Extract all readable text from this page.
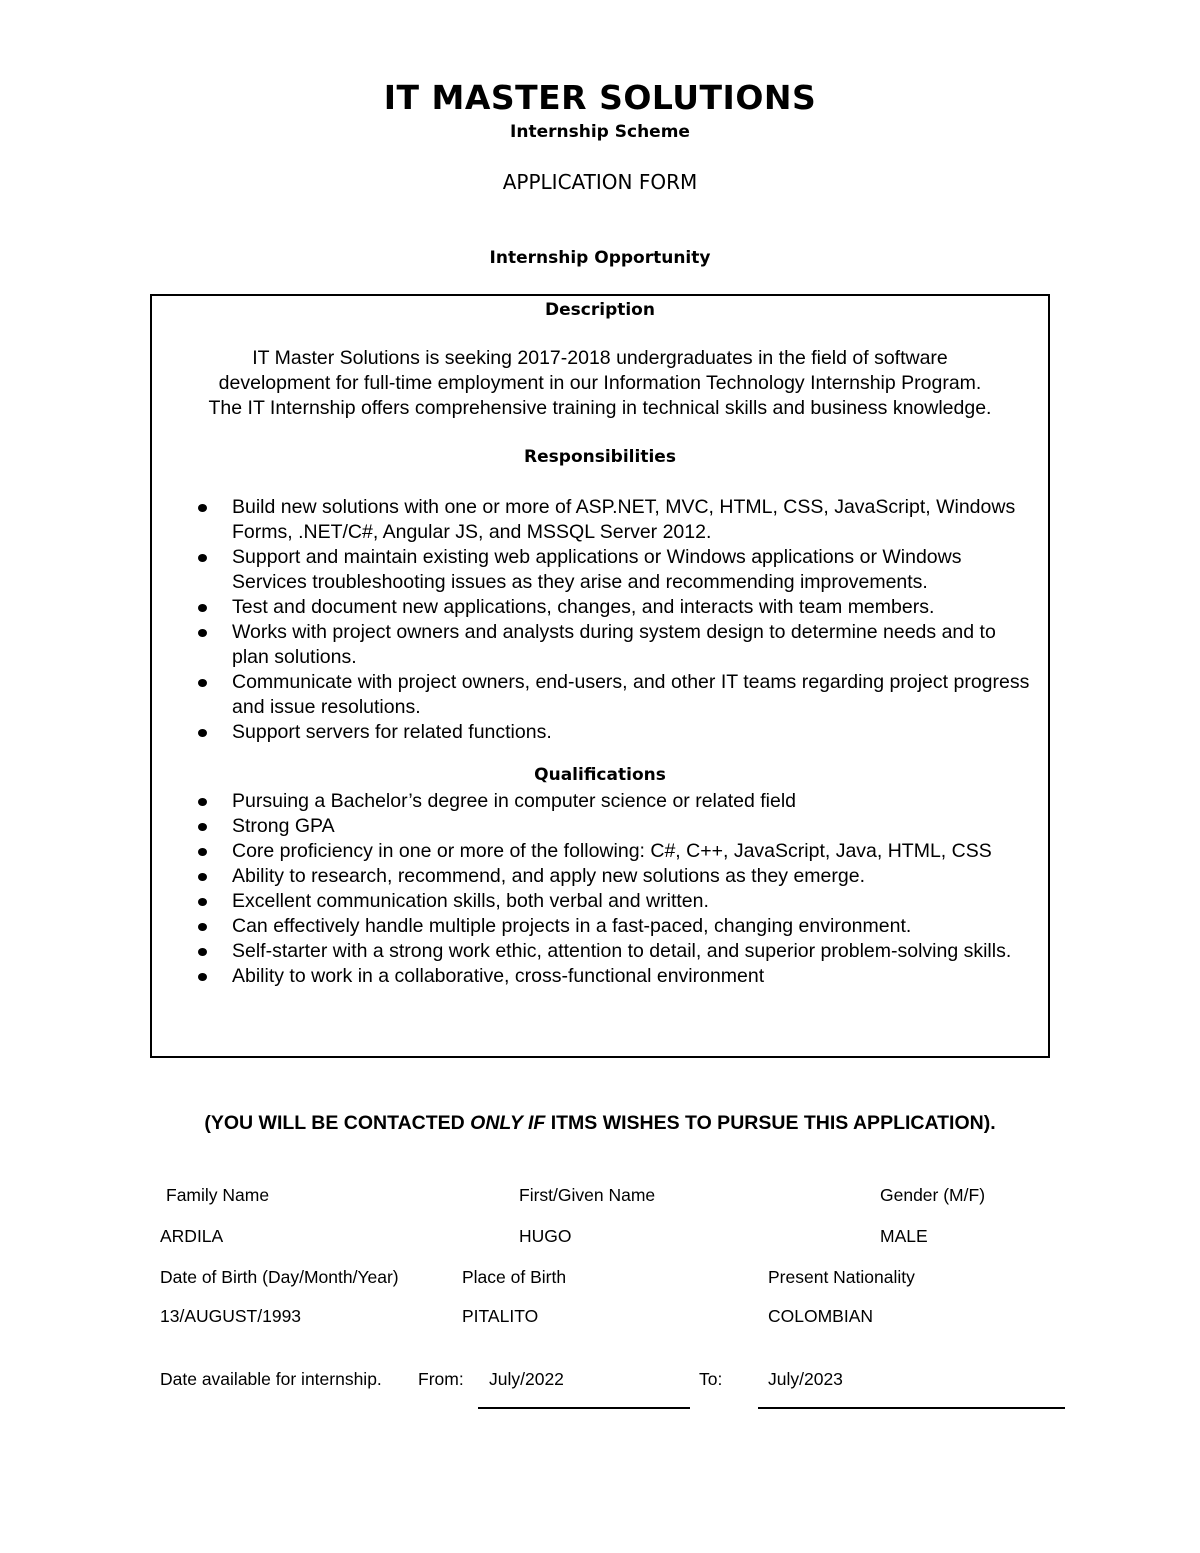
IT MASTER SOLUTIONS
Internship Scheme
APPLICATION FORM
Internship Opportunity
Description
IT Master Solutions is seeking 2017-2018 undergraduates in the field of software
development for full-time employment in our Information Technology Internship Program.
The IT Internship offers comprehensive training in technical skills and business knowledge.
Responsibilities
Build new solutions with one or more of ASP.NET, MVC, HTML, CSS, JavaScript, Windows Forms, .NET/C#, Angular JS, and MSSQL Server 2012.
Support and maintain existing web applications or Windows applications or Windows Services troubleshooting issues as they arise and recommending improvements.
Test and document new applications, changes, and interacts with team members.
Works with project owners and analysts during system design to determine needs and to plan solutions.
Communicate with project owners, end-users, and other IT teams regarding project progress and issue resolutions.
Support servers for related functions.
Qualifications
Pursuing a Bachelor’s degree in computer science or related field
Strong GPA
Core proficiency in one or more of the following: C#, C++, JavaScript, Java, HTML, CSS
Ability to research, recommend, and apply new solutions as they emerge.
Excellent communication skills, both verbal and written.
Can effectively handle multiple projects in a fast-paced, changing environment.
Self-starter with a strong work ethic, attention to detail, and superior problem-solving skills.
Ability to work in a collaborative, cross-functional environment
(YOU WILL BE CONTACTED ONLY IF ITMS WISHES TO PURSUE THIS APPLICATION).
Family Name	First/Given Name	Gender (M/F)
ARDILA	HUGO	MALE
Date of Birth (Day/Month/Year)	Place of Birth	Present Nationality
13/AUGUST/1993	PITALITO	COLOMBIAN
Date available for internship. From: July/2022	To:	July/2023
